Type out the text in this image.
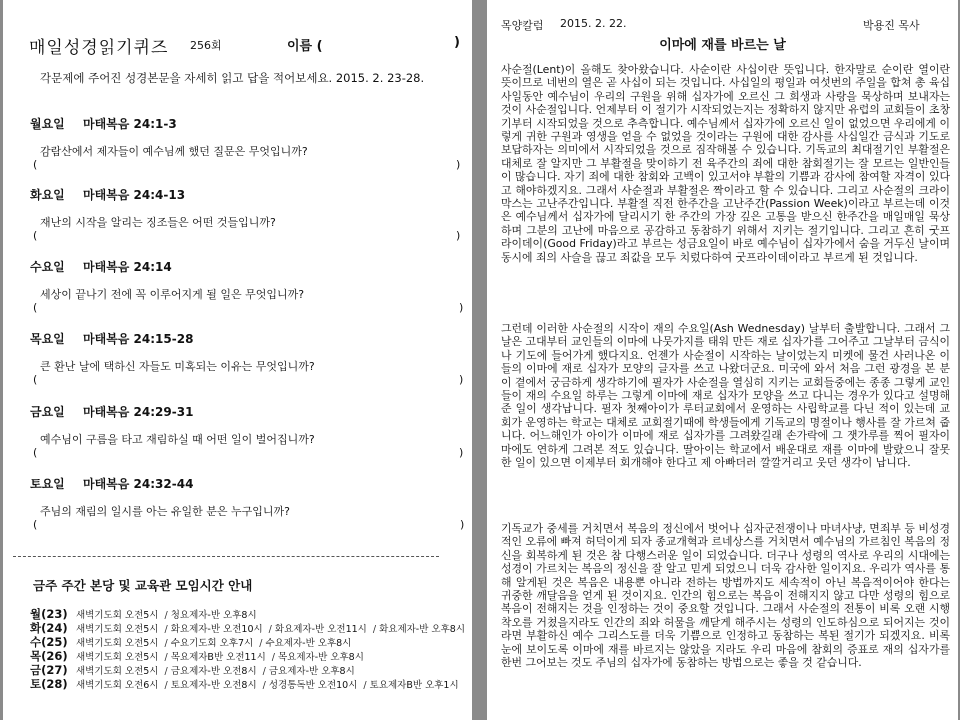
매일성경읽기퀴즈 256회	이름 (	)
각문제에 주어진 성경본문을 자세히 읽고 답을 적어보세요. 2015. 2. 23-28.
월요일 마태복음 24:1-3
감람산에서 제자들이 예수님께 했던 질문은 무엇입니까?
(	)
화요일 마태복음 24:4-13
재난의 시작을 알리는 징조들은 어떤 것들입니까?
(	)
수요일 마태복음 24:14
세상이 끝나기 전에 꼭 이루어지게 될 일은 무엇입니까?
(	)
목요일 마태복음 24:15-28
큰 환난 날에 택하신 자들도 미혹되는 이유는 무엇입니까?
(	)
금요일 마태복음 24:29-31
예수님이 구름을 타고 재림하실 때 어떤 일이 벌어집니까?
(	)
토요일 마태복음 24:32-44
주님의 재림의 일시를 아는 유일한 분은 누구입니까?
(	)
금주 주간 본당 및 교육관 모임시간 안내
월(23) 새벽기도회 오전5시	/ 청요제자-반 오후8시
화(24) 새벽기도회 오전5시	/ 화요제자-반 오전10시	/ 화요제자-반 오전11시	/ 화요제자-반 오후8시
수(25) 새벽기도회 오전5시	/ 수요기도회 오후7시	/ 수요제자-반 오후8시
목(26) 새벽기도회 오전5시	/ 목요제자B반 오전11시	/ 목요제자-반 오후8시
금(27) 새벽기도회 오전5시	/ 금요제자-반 오전8시	/ 금요제자-반 오후8시
토(28) 새벽기도회 오전6시	/ 토요제자-반 오전8시	/ 성경통독반 오전10시	/ 토요제자B반 오후1시
목양칼럼 2015. 2. 22.	박용진 목사
이마에 재를 바르는 날
사순절(Lent)이 올해도 찾아왔습니다. 사순이란 사십이란 뜻입니다. 한자말로 순이란 열이란 뜻이므로 네번의 열은 곧 사십이 되는 것입니다. 사십일의 평일과 여섯번의 주일을 합쳐 총 육십사일동안 예수님이 우리의 구원을 위해 십자가에 오르신 그 희생과 사랑을 묵상하며 보내자는 것이 사순절입니다. 언제부터 이 절기가 시작되었는지는 정확하지 않지만 유럽의 교회들이 초창기부터 시작되었을 것으로 추측합니다. 예수님께서 십자가에 오르신 일이 없었으면 우리에게 이렇게 귀한 구원과 영생을 얻을 수 없었을 것이라는 구원에 대한 감사를 사십일간 금식과 기도로 보답하자는 의미에서 시작되었을 것으로 짐작해볼 수 있습니다. 기독교의 최대절기인 부활절은 대체로 잘 알지만 그 부활절을 맞이하기 전 육주간의 죄에 대한 참회절기는 잘 모르는 일반인들이 많습니다. 자기 죄에 대한 참회와 고백이 있고서야 부활의 기쁨과 감사에 참여할 자격이 있다고 해야하겠지요. 그래서 사순절과 부활절은 짝이라고 할 수 있습니다. 그리고 사순절의 크라이막스는 고난주간입니다. 부활절 직전 한주간을 고난주간(Passion Week)이라고 부르는데 이것은 예수님께서 십자가에 달리시기 한 주간의 가장 깊은 고통을 받으신 한주간을 매일매일 묵상하며 그분의 고난에 마음으로 공감하고 동참하기 위해서 지키는 절기입니다. 그리고 흔히 굿프라이데이(Good Friday)라고 부르는 성금요일이 바로 예수님이 십자가에서 숨을 거두신 날이며 동시에 죄의 사슬을 끊고 죄값을 모두 치렀다하여 굿프라이데이라고 부르게 된 것입니다.
그런데 이러한 사순절의 시작이 재의 수요일(Ash Wednesday) 날부터 출발합니다. 그래서 그날은 고대부터 교인들의 이마에 나뭇가지를 태워 만든 재로 십자가를 그어주고 그날부터 금식이나 기도에 들어가게 했다지요. 언젠가 사순절이 시작하는 날이었는지 미켓에 물건 사러나온 이들의 이마에 재로 십자가 모양의 글자를 쓰고 나왔더군요. 미국에 와서 처음 그런 광경을 본 분이 곁에서 궁금하게 생각하기에 필자가 사순절을 열심히 지키는 교회들중에는 종종 그렇게 교인들이 재의 수요일 하루는 그렇게 이마에 재로 십자가 모양을 쓰고 다니는 경우가 있다고 설명해준 일이 생각납니다. 필자 첫째아이가 루터교회에서 운영하는 사립학교를 다닌 적이 있는데 교회가 운영하는 학교는 대체로 교회절기때에 학생들에게 기독교의 명절이나 행사를 잘 가르쳐 줍니다. 어느해인가 아이가 이마에 재로 십자가를 그려왔길래 손가락에 그 잿가루를 찍어 필자이마에도 연하게 그려본 적도 있습니다. 딸아이는 학교에서 배운대로 재를 이마에 발랐으니 잘못한 일이 있으면 이제부터 회개해야 한다고 제 아빠더러 깔깔거리고 웃던 생각이 납니다.
기독교가 중세를 거치면서 복음의 정신에서 벗어나 십자군전쟁이나 마녀사냥, 면죄부 등 비성경적인 오류에 빠져 허덕이게 되자 종교개혁과 르네상스를 거치면서 예수님의 가르침인 복음의 정신을 회복하게 된 것은 참 다행스러운 일이 되었습니다. 더구나 성령의 역사로 우리의 시대에는 성경이 가르치는 복음의 정신을 잘 알고 믿게 되었으니 더욱 감사한 일이지요. 우리가 역사를 통해 알게된 것은 복음은 내용뿐 아니라 전하는 방법까지도 세속적이 아닌 복음적이어야 한다는 귀중한 깨달음을 얻게 된 것이지요. 인간의 힘으로는 복음이 전해지지 않고 다만 성령의 힘으로 복음이 전해지는 것을 인정하는 것이 중요할 것입니다. 그래서 사순절의 전통이 비록 오랜 시행착오를 거쳤을지라도 인간의 죄와 허물을 깨닫게 해주시는 성령의 인도하심으로 되어지는 것이라면 부활하신 예수 그리스도를 더욱 기쁨으로 인정하고 동참하는 복된 절기가 되겠지요. 비록 눈에 보이도록 이마에 재를 바르지는 않았을 지라도 우리 마음에 참회의 증표로 재의 십자가를 한번 그어보는 것도 주님의 십자가에 동참하는 방법으로는 좋을 것 같습니다.
